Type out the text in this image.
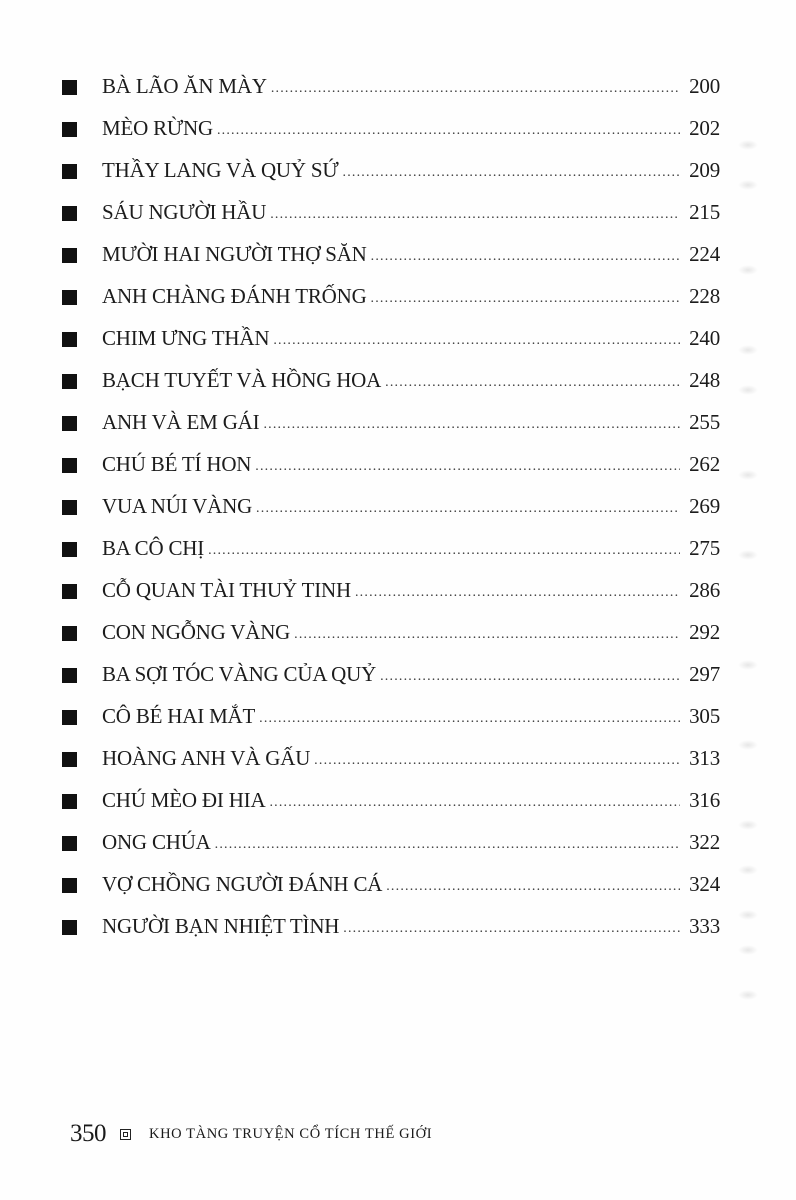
BÀ LÃO ĂN MÀY .....	200
MÈO RỪNG .....	202
THẦY LANG VÀ QUỶ SỨ .....	209
SÁU NGƯỜI HẦU .....	215
MƯỜI HAI NGƯỜI THỢ SĂN .....	224
ANH CHÀNG ĐÁNH TRỐNG .....	228
CHIM ƯNG THẦN .....	240
BẠCH TUYẾT VÀ HỒNG HOA .....	248
ANH VÀ EM GÁI .....	255
CHÚ BÉ TÍ HON .....	262
VUA NÚI VÀNG .....	269
BA CÔ CHỊ .....	275
CỖ QUAN TÀI THUỶ TINH .....	286
CON NGỖNG VÀNG .....	292
BA SỢI TÓC VÀNG CỦA QUỶ .....	297
CÔ BÉ HAI MẮT .....	305
HOÀNG ANH VÀ GẤU .....	313
CHÚ MÈO ĐI HIA .....	316
ONG CHÚA .....	322
VỢ CHỒNG NGƯỜI ĐÁNH CÁ .....	324
NGƯỜI BẠN NHIỆT TÌNH .....	333
350	KHO TÀNG TRUYỆN CỔ TÍCH THẾ GIỚI
